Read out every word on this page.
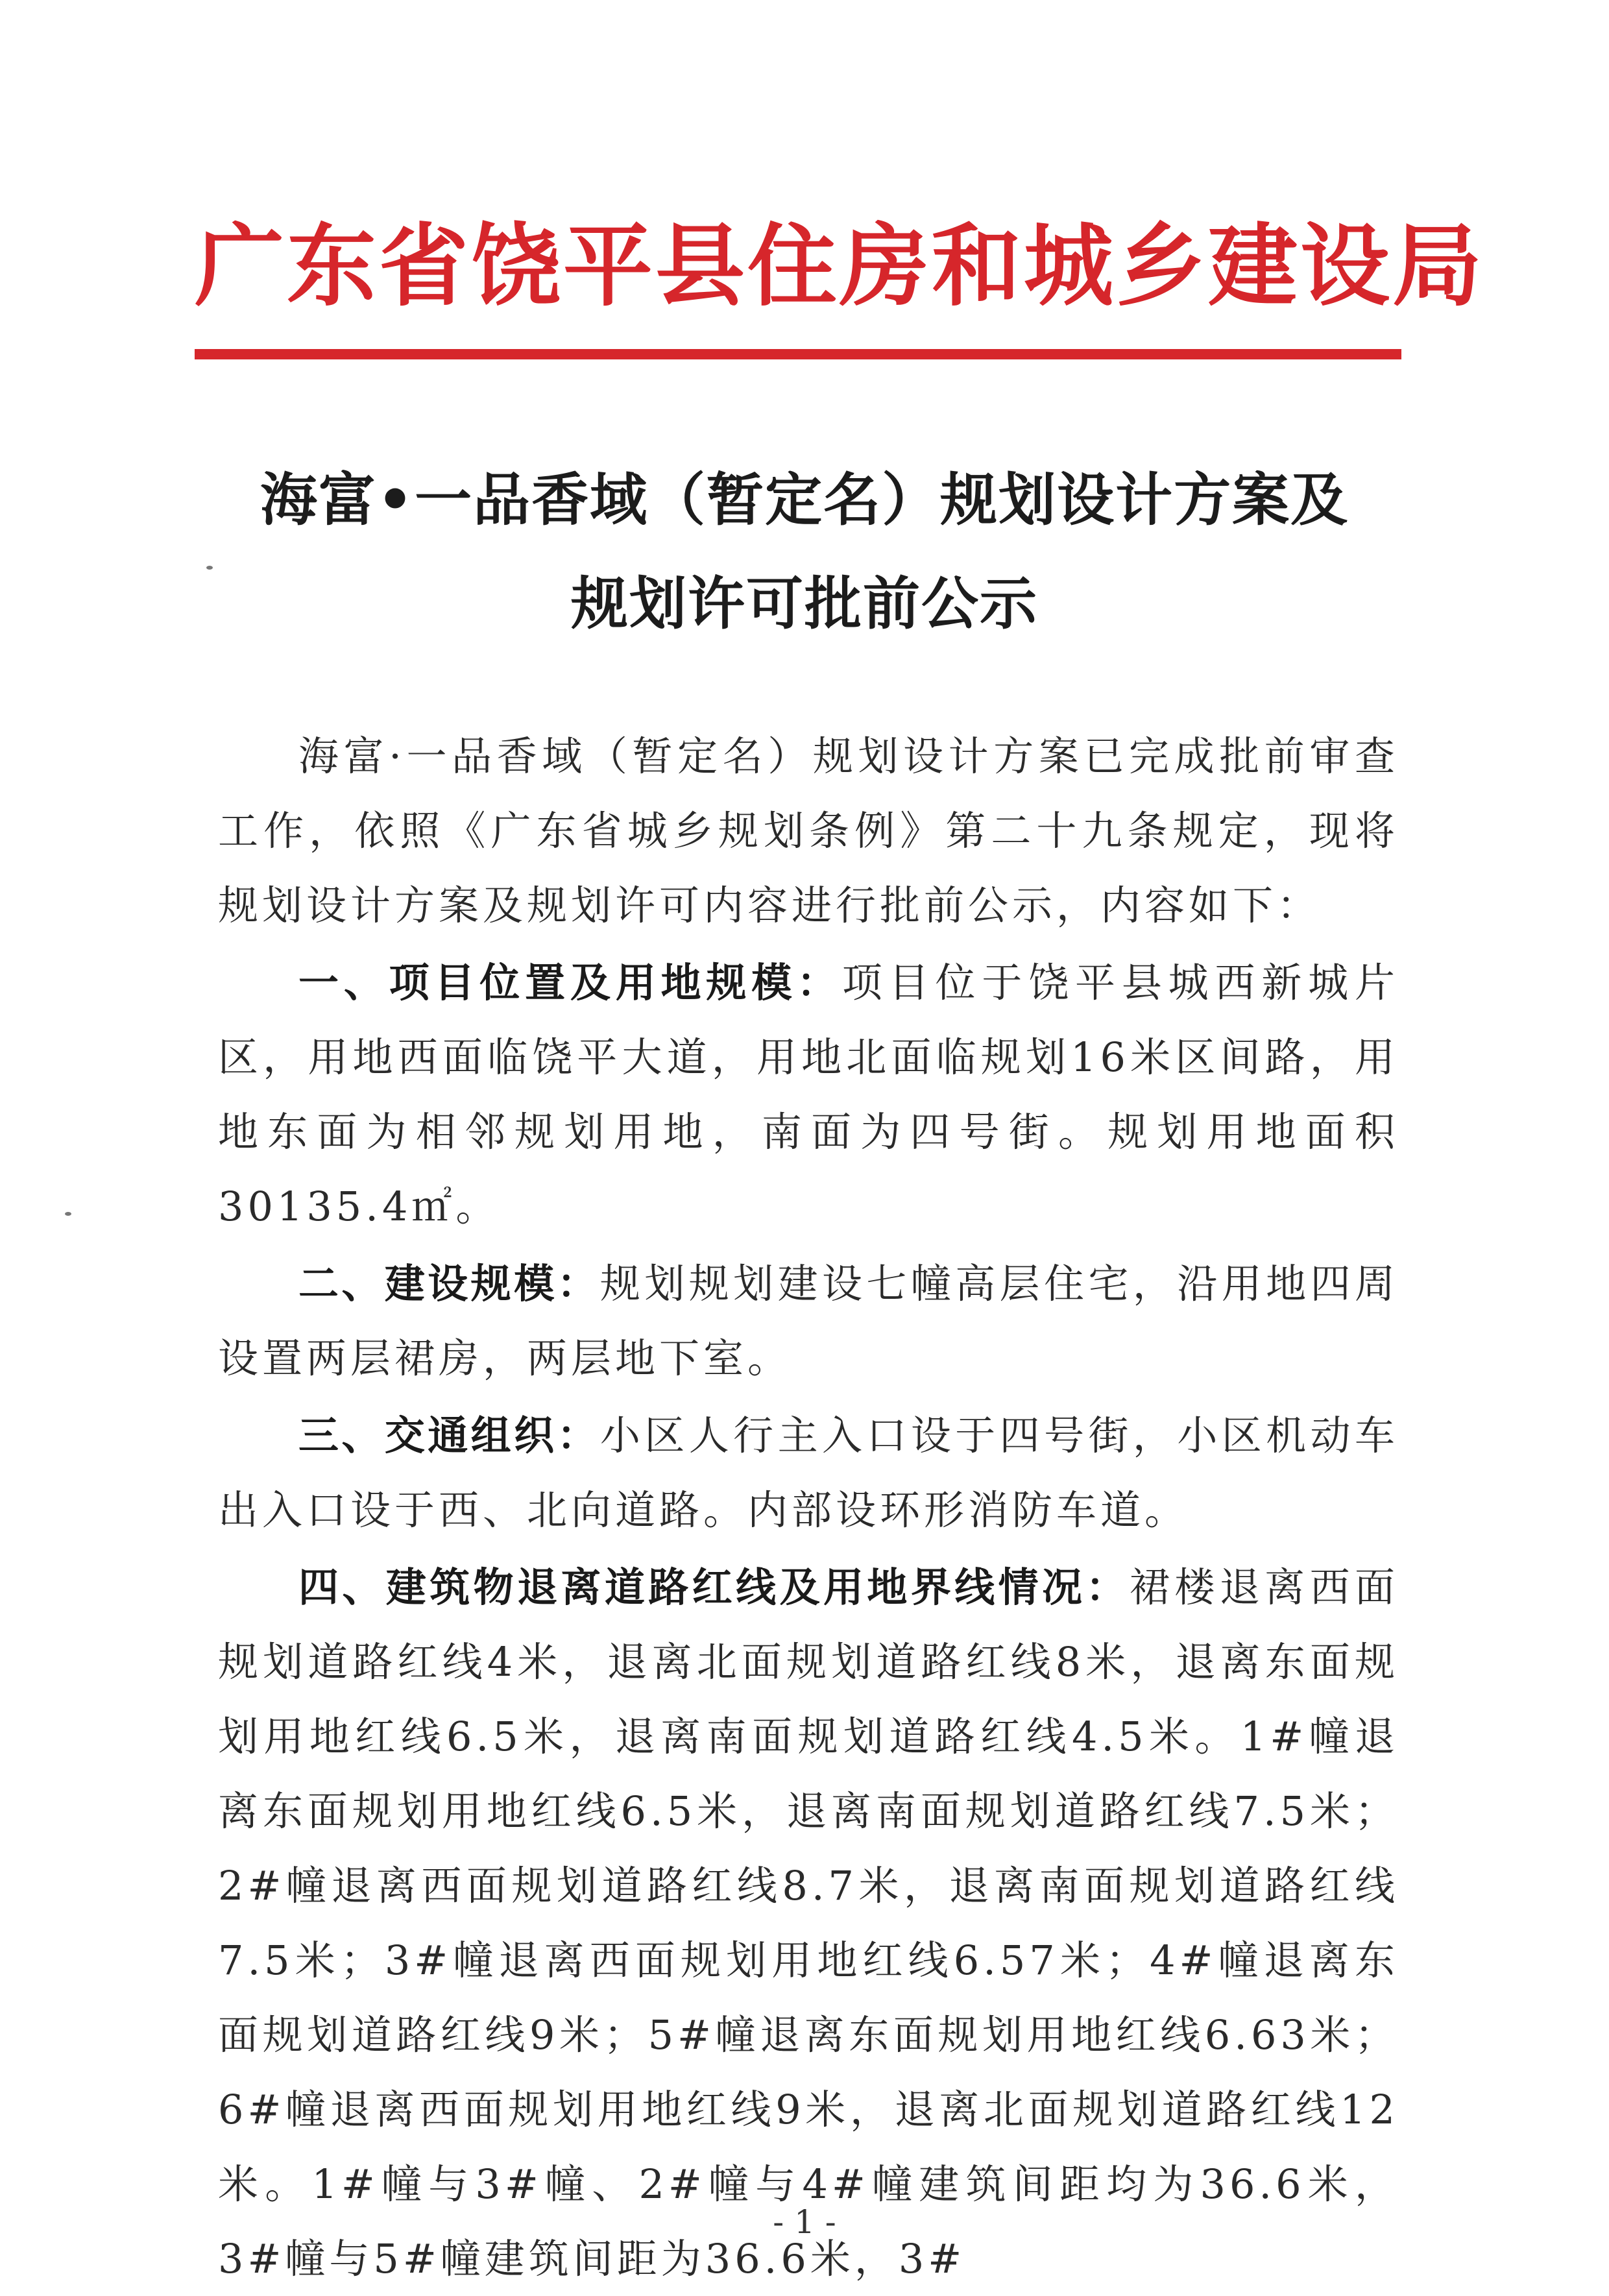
广东省饶平县住房和城乡建设局
海富•一品香域（暂定名）规划设计方案及
规划许可批前公示

海富·一品香域（暂定名）规划设计方案已完成批前审查工作，依照《广东省城乡规划条例》第二十九条规定，现将规划设计方案及规划许可内容进行批前公示，内容如下：

一、项目位置及用地规模：项目位于饶平县城西新城片区，用地西面临饶平大道，用地北面临规划16米区间路，用地东面为相邻规划用地，南面为四号街。规划用地面积30135.4㎡。

二、建设规模：规划规划建设七幢高层住宅，沿用地四周设置两层裙房，两层地下室。

三、交通组织：小区人行主入口设于四号街，小区机动车出入口设于西、北向道路。内部设环形消防车道。

四、建筑物退离道路红线及用地界线情况：裙楼退离西面规划道路红线4米，退离北面规划道路红线8米，退离东面规划用地红线6.5米，退离南面规划道路红线4.5米。1#幢退离东面规划用地红线6.5米，退离南面规划道路红线7.5米；2#幢退离西面规划道路红线8.7米，退离南面规划道路红线7.5米；3#幢退离西面规划用地红线6.57米；4#幢退离东面规划道路红线9米；5#幢退离东面规划用地红线6.63米；6#幢退离西面规划用地红线9米，退离北面规划道路红线12米。1#幢与3#幢、2#幢与4#幢建筑间距均为36.6米，3#幢与5#幢建筑间距为36.6米，3#

- 1 -
